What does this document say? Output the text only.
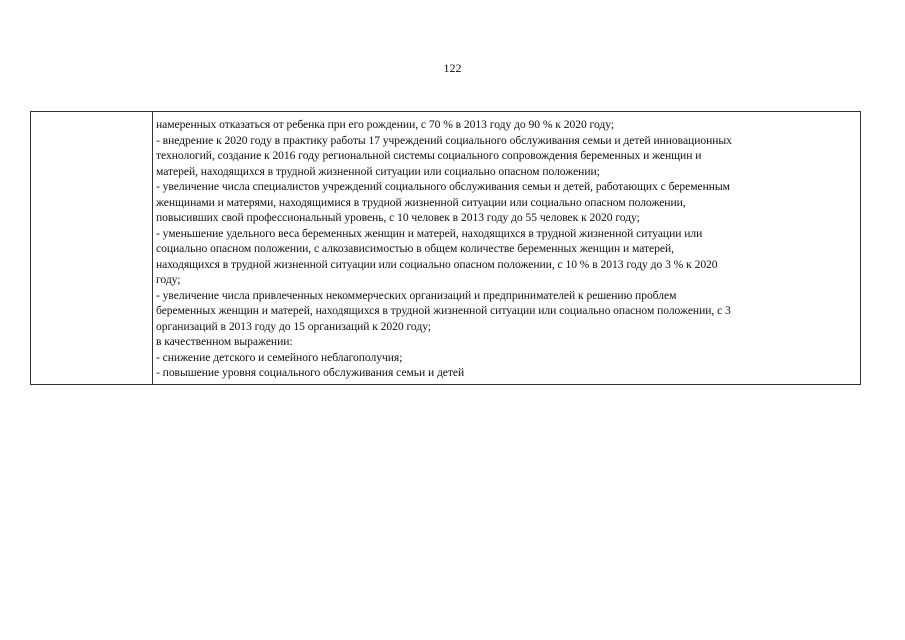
122
намеренных отказаться от ребенка при его рождении, с 70 % в 2013 году до 90 % к 2020 году;
- внедрение к 2020 году в практику работы 17 учреждений социального обслуживания семьи и детей инновационных
технологий, создание к 2016 году региональной системы социального сопровождения беременных и женщин и
матерей, находящихся в трудной жизненной ситуации или социально опасном положении;
- увеличение числа специалистов учреждений социального обслуживания семьи и детей, работающих с беременным
женщинами и матерями, находящимися в трудной жизненной ситуации или социально опасном положении,
повысивших свой профессиональный уровень, с 10 человек в 2013 году до 55 человек к 2020 году;
- уменьшение удельного веса беременных женщин и матерей, находящихся в трудной жизненной ситуации или
социально опасном положении, с алкозависимостью в общем количестве беременных женщин и матерей,
находящихся в трудной жизненной ситуации или социально опасном положении, с 10 % в 2013 году до 3 % к 2020
году;
- увеличение числа привлеченных некоммерческих организаций и предпринимателей к решению проблем
беременных женщин и матерей, находящихся в трудной жизненной ситуации или социально опасном положении, с 3
организаций в 2013 году до 15 организаций к 2020 году;
в качественном выражении:
- снижение детского и семейного неблагополучия;
- повышение уровня социального обслуживания семьи и детей
